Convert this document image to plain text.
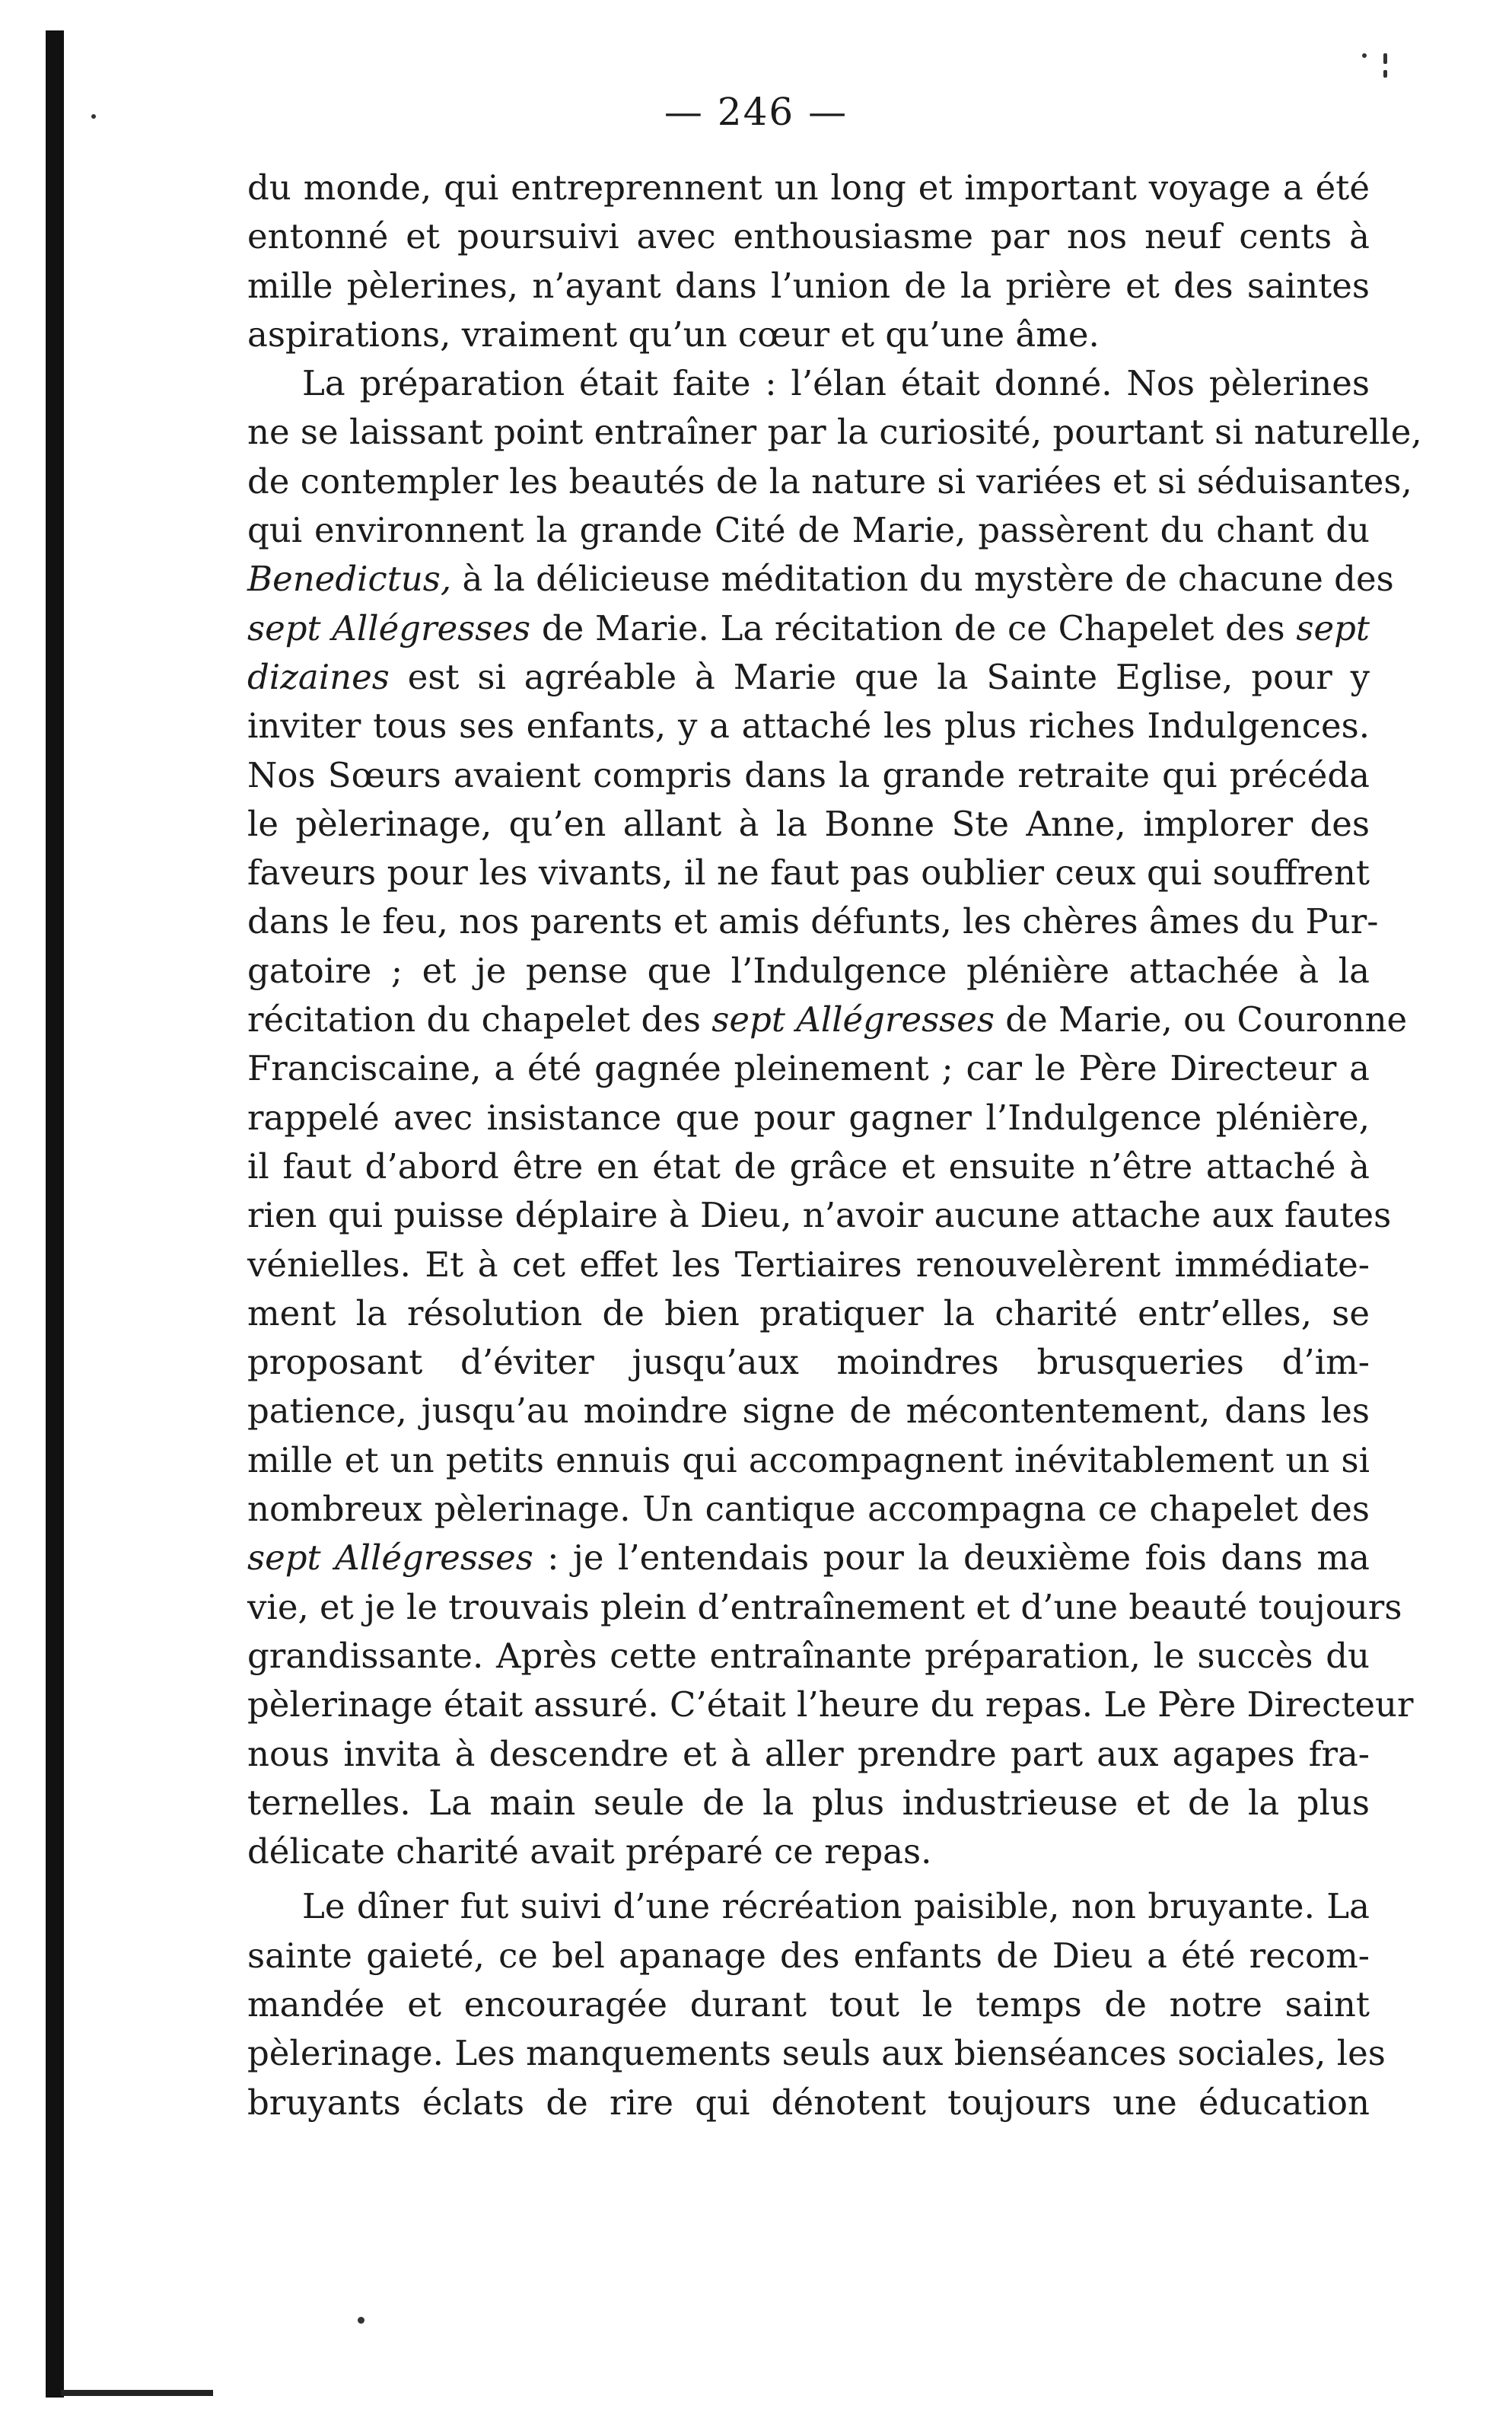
— 246 —
du monde, qui entreprennent un long et important voyage a été
entonné et poursuivi avec enthousiasme par nos neuf cents à
mille pèlerines, n’ayant dans l’union de la prière et des saintes
aspirations, vraiment qu’un cœur et qu’une âme.
La préparation était faite : l’élan était donné. Nos pèlerines
ne se laissant point entraîner par la curiosité, pourtant si naturelle,
de contempler les beautés de la nature si variées et si séduisantes,
qui environnent la grande Cité de Marie, passèrent du chant du
Benedictus, à la délicieuse méditation du mystère de chacune des
sept Allégresses de Marie. La récitation de ce Chapelet des sept
dizaines est si agréable à Marie que la Sainte Eglise, pour y
inviter tous ses enfants, y a attaché les plus riches Indulgences.
Nos Sœurs avaient compris dans la grande retraite qui précéda
le pèlerinage, qu’en allant à la Bonne Ste Anne, implorer des
faveurs pour les vivants, il ne faut pas oublier ceux qui souffrent
dans le feu, nos parents et amis défunts, les chères âmes du Pur-
gatoire ; et je pense que l’Indulgence plénière attachée à la
récitation du chapelet des sept Allégresses de Marie, ou Couronne
Franciscaine, a été gagnée pleinement ; car le Père Directeur a
rappelé avec insistance que pour gagner l’Indulgence plénière,
il faut d’abord être en état de grâce et ensuite n’être attaché à
rien qui puisse déplaire à Dieu, n’avoir aucune attache aux fautes
vénielles. Et à cet effet les Tertiaires renouvelèrent immédiate-
ment la résolution de bien pratiquer la charité entr’elles, se
proposant d’éviter jusqu’aux moindres brusqueries d’im-
patience, jusqu’au moindre signe de mécontentement, dans les
mille et un petits ennuis qui accompagnent inévitablement un si
nombreux pèlerinage. Un cantique accompagna ce chapelet des
sept Allégresses : je l’entendais pour la deuxième fois dans ma
vie, et je le trouvais plein d’entraînement et d’une beauté toujours
grandissante. Après cette entraînante préparation, le succès du
pèlerinage était assuré. C’était l’heure du repas. Le Père Directeur
nous invita à descendre et à aller prendre part aux agapes fra-
ternelles. La main seule de la plus industrieuse et de la plus
délicate charité avait préparé ce repas.
Le dîner fut suivi d’une récréation paisible, non bruyante. La
sainte gaieté, ce bel apanage des enfants de Dieu a été recom-
mandée et encouragée durant tout le temps de notre saint
pèlerinage. Les manquements seuls aux bienséances sociales, les
bruyants éclats de rire qui dénotent toujours une éducation
